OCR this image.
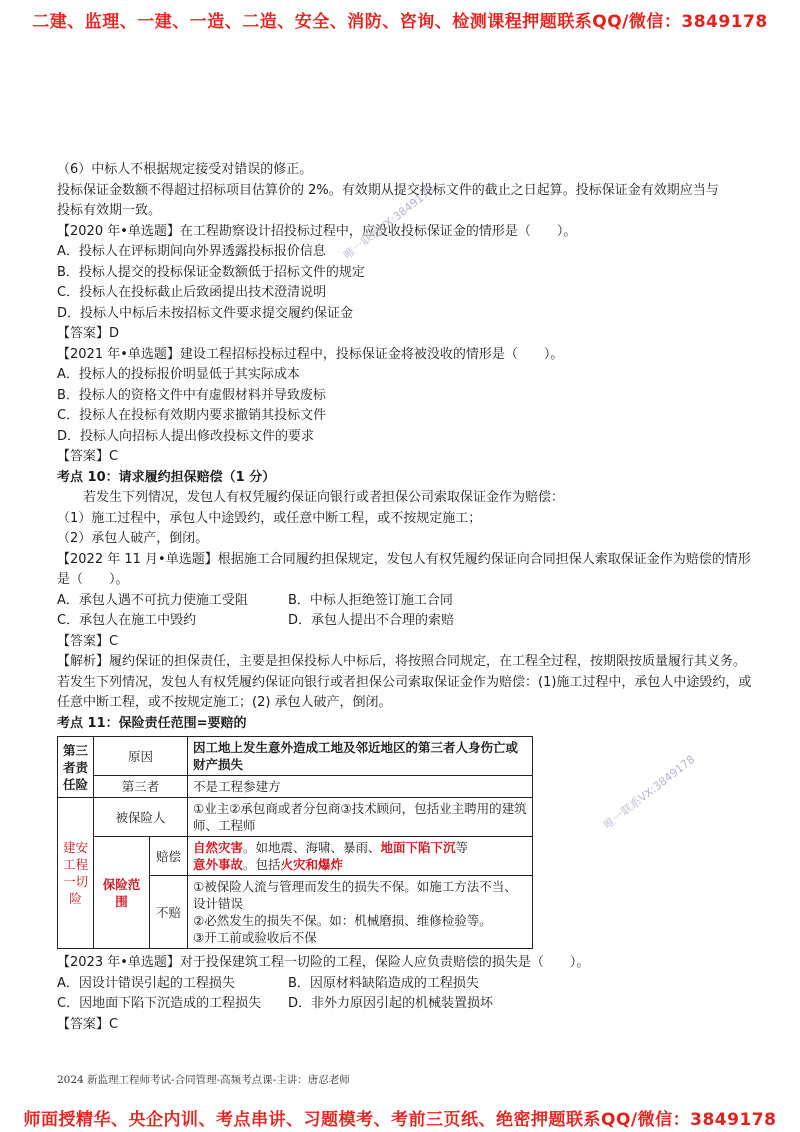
二建、监理、一建、一造、二造、安全、消防、咨询、检测课程押题联系QQ/微信：3849178

（6）中标人不根据规定接受对错误的修正。

投标保证金数额不得超过招标项目估算价的 2%。有效期从提交投标文件的截止之日起算。投标保证金有效期应当与

投标有效期一致。

【2020 年•单选题】在工程勘察设计招投标过程中，应没收投标保证金的情形是（　　）。

A．投标人在评标期间向外界透露投标报价信息

B．投标人提交的投标保证金数额低于招标文件的规定

C．投标人在投标截止后致函提出技术澄清说明

D．投标人中标后未按招标文件要求提交履约保证金

【答案】D

【2021 年•单选题】建设工程招标投标过程中，投标保证金将被没收的情形是（　　）。

A．投标人的投标报价明显低于其实际成本

B．投标人的资格文件中有虚假材料并导致废标

C．投标人在投标有效期内要求撤销其投标文件

D．投标人向招标人提出修改投标文件的要求

【答案】C

考点 10：请求履约担保赔偿（1 分）

若发生下列情况，发包人有权凭履约保证向银行或者担保公司索取保证金作为赔偿：

（1）施工过程中，承包人中途毁约，或任意中断工程，或不按规定施工；

（2）承包人破产，倒闭。

【2022 年 11 月•单选题】根据施工合同履约担保规定，发包人有权凭履约保证向合同担保人索取保证金作为赔偿的情形是（　　）。

A．承包人遇不可抗力使施工受阻	B．中标人拒绝签订施工合同

C．承包人在施工中毁约	D．承包人提出不合理的索赔

【答案】C

【解析】履约保证的担保责任，主要是担保投标人中标后，将按照合同规定，在工程全过程，按期限按质量履行其义务。若发生下列情况，发包人有权凭履约保证向银行或者担保公司索取保证金作为赔偿：(1)施工过程中，承包人中途毁约，或任意中断工程，或不按规定施工；(2) 承包人破产，倒闭。

考点 11：保险责任范围=要赔的

第三者责任险	原因		因工地上发生意外造成工地及邻近地区的第三者人身伤亡或财产损失
	第三者		不是工程参建方
建安工程一切险	被保险人		①业主②承包商或者分包商③技术顾问，包括业主聘用的建筑师、工程师
	保险范围	赔偿	自然灾害。如地震、海啸、暴雨、地面下陷下沉等
意外事故。包括火灾和爆炸
		不赔	①被保险人流与管理而发生的损失不保。如施工方法不当、设计错误
②必然发生的损失不保。如：机械磨损、维修检验等。
③开工前或验收后不保

【2023 年•单选题】对于投保建筑工程一切险的工程，保险人应负责赔偿的损失是（　　）。

A．因设计错误引起的工程损失	B．因原材料缺陷造成的工程损失

C．因地面下陷下沉造成的工程损失	D．非外力原因引起的机械装置损坏

【答案】C

唯一联系VX:3849178
唯一联系VX:3849178
2024 新监理工程师考试-合同管理-高频考点课-主讲：唐忍老师
师面授精华、央企内训、考点串讲、习题模考、考前三页纸、绝密押题联系QQ/微信：3849178
